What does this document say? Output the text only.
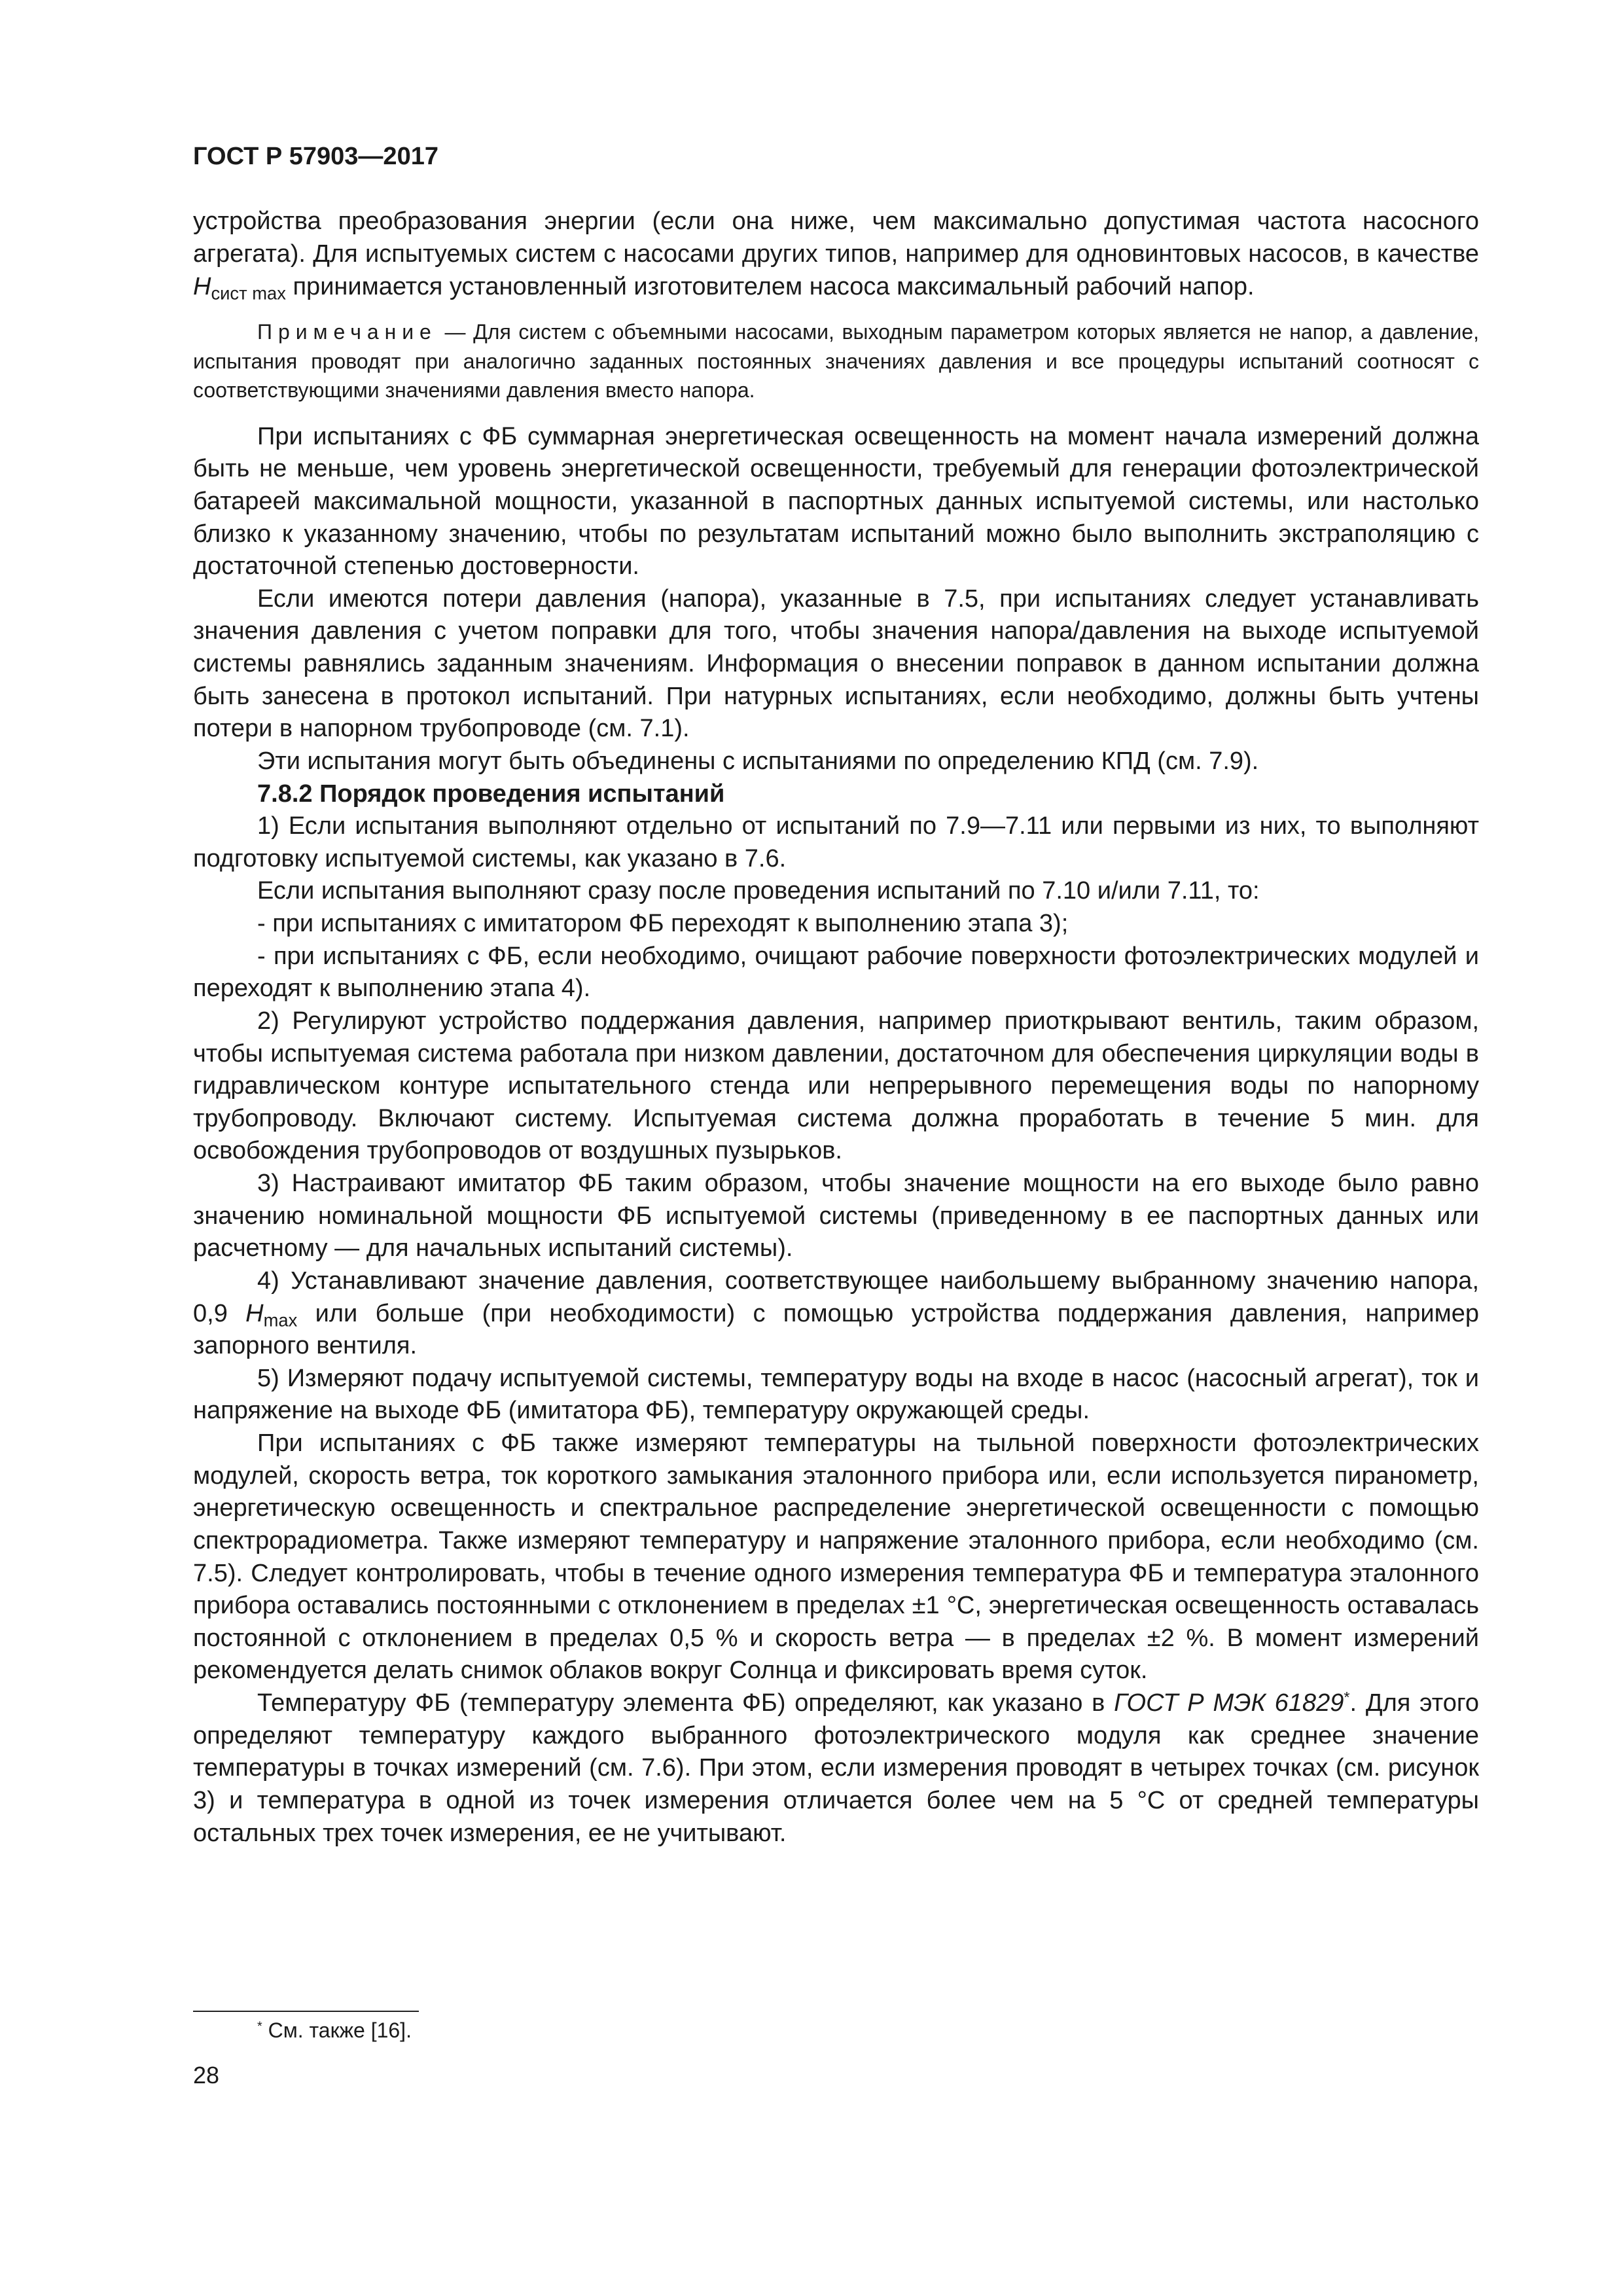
ГОСТ Р 57903—2017

устройства преобразования энергии (если она ниже, чем максимально допустимая частота насосного агрегата). Для испытуемых систем с насосами других типов, например для одновинтовых насосов, в качестве $H_{сист max}$ принимается установленный изготовителем насоса максимальный рабочий напор.

Примечание — Для систем с объемными насосами, выходным параметром которых является не напор, а давление, испытания проводят при аналогично заданных постоянных значениях давления и все процедуры испытаний соотносят с соответствующими значениями давления вместо напора.

При испытаниях с ФБ суммарная энергетическая освещенность на момент начала измерений должна быть не меньше, чем уровень энергетической освещенности, требуемый для генерации фотоэлектрической батареей максимальной мощности, указанной в паспортных данных испытуемой системы, или настолько близко к указанному значению, чтобы по результатам испытаний можно было выполнить экстраполяцию с достаточной степенью достоверности.

Если имеются потери давления (напора), указанные в 7.5, при испытаниях следует устанавливать значения давления с учетом поправки для того, чтобы значения напора/давления на выходе испытуемой системы равнялись заданным значениям. Информация о внесении поправок в данном испытании должна быть занесена в протокол испытаний. При натурных испытаниях, если необходимо, должны быть учтены потери в напорном трубопроводе (см. 7.1).

Эти испытания могут быть объединены с испытаниями по определению КПД (см. 7.9).

7.8.2 Порядок проведения испытаний

1) Если испытания выполняют отдельно от испытаний по 7.9—7.11 или первыми из них, то выполняют подготовку испытуемой системы, как указано в 7.6.

Если испытания выполняют сразу после проведения испытаний по 7.10 и/или 7.11, то:

- при испытаниях с имитатором ФБ переходят к выполнению этапа 3);

- при испытаниях с ФБ, если необходимо, очищают рабочие поверхности фотоэлектрических модулей и переходят к выполнению этапа 4).

2) Регулируют устройство поддержания давления, например приоткрывают вентиль, таким образом, чтобы испытуемая система работала при низком давлении, достаточном для обеспечения циркуляции воды в гидравлическом контуре испытательного стенда или непрерывного перемещения воды по напорному трубопроводу. Включают систему. Испытуемая система должна проработать в течение 5 мин. для освобождения трубопроводов от воздушных пузырьков.

3) Настраивают имитатор ФБ таким образом, чтобы значение мощности на его выходе было равно значению номинальной мощности ФБ испытуемой системы (приведенному в ее паспортных данных или расчетному — для начальных испытаний системы).

4) Устанавливают значение давления, соответствующее наибольшему выбранному значению напора, 0,9 $H_{max}$ или больше (при необходимости) с помощью устройства поддержания давления, например запорного вентиля.

5) Измеряют подачу испытуемой системы, температуру воды на входе в насос (насосный агрегат), ток и напряжение на выходе ФБ (имитатора ФБ), температуру окружающей среды.

При испытаниях с ФБ также измеряют температуры на тыльной поверхности фотоэлектрических модулей, скорость ветра, ток короткого замыкания эталонного прибора или, если используется пиранометр, энергетическую освещенность и спектральное распределение энергетической освещенности с помощью спектрорадиометра. Также измеряют температуру и напряжение эталонного прибора, если необходимо (см. 7.5). Следует контролировать, чтобы в течение одного измерения температура ФБ и температура эталонного прибора оставались постоянными с отклонением в пределах ±1 °С, энергетическая освещенность оставалась постоянной с отклонением в пределах 0,5 % и скорость ветра — в пределах ±2 %. В момент измерений рекомендуется делать снимок облаков вокруг Солнца и фиксировать время суток.

Температуру ФБ (температуру элемента ФБ) определяют, как указано в ГОСТ Р МЭК 61829*. Для этого определяют температуру каждого выбранного фотоэлектрического модуля как среднее значение температуры в точках измерений (см. 7.6). При этом, если измерения проводят в четырех точках (см. рисунок 3) и температура в одной из точек измерения отличается более чем на 5 °С от средней температуры остальных трех точек измерения, ее не учитывают.

* См. также [16].
28
